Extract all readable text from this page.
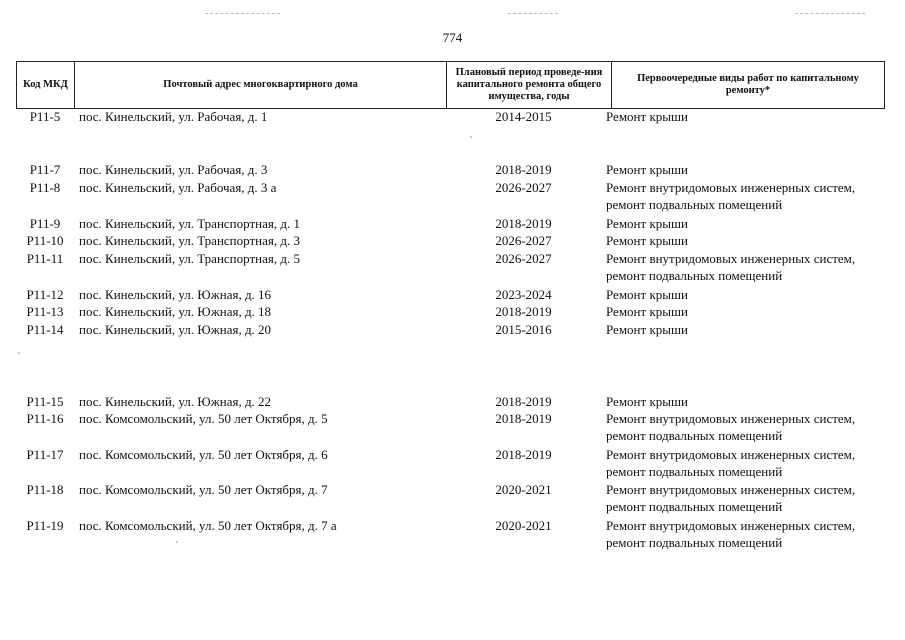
774
Код МКД	Почтовый адрес многоквартирного дома	Плановый период проведе-ния капитального ремонта общего имущества, годы	Первоочередные виды работ по капитальному ремонту*
Р11-5	пос. Кинельский, ул. Рабочая, д. 1	2014-2015	Ремонт крыши
Р11-7	пос. Кинельский, ул. Рабочая, д. 3	2018-2019	Ремонт крыши
Р11-8	пос. Кинельский, ул. Рабочая, д. 3 а	2026-2027	Ремонт внутридомовых инженерных систем,
ремонт подвальных помещений
Р11-9	пос. Кинельский, ул. Транспортная, д. 1	2018-2019	Ремонт крыши
Р11-10	пос. Кинельский, ул. Транспортная, д. 3	2026-2027	Ремонт крыши
Р11-11	пос. Кинельский, ул. Транспортная, д. 5	2026-2027	Ремонт внутридомовых инженерных систем,
ремонт подвальных помещений
Р11-12	пос. Кинельский, ул. Южная, д. 16	2023-2024	Ремонт крыши
Р11-13	пос. Кинельский, ул. Южная, д. 18	2018-2019	Ремонт крыши
Р11-14	пос. Кинельский, ул. Южная, д. 20	2015-2016	Ремонт крыши
Р11-15	пос. Кинельский, ул. Южная, д. 22	2018-2019	Ремонт крыши
Р11-16	пос. Комсомольский, ул. 50 лет Октября, д. 5	2018-2019	Ремонт внутридомовых инженерных систем,
ремонт подвальных помещений
Р11-17	пос. Комсомольский, ул. 50 лет Октября, д. 6	2018-2019	Ремонт внутридомовых инженерных систем,
ремонт подвальных помещений
Р11-18	пос. Комсомольский, ул. 50 лет Октября, д. 7	2020-2021	Ремонт внутридомовых инженерных систем,
ремонт подвальных помещений
Р11-19	пос. Комсомольский, ул. 50 лет Октября, д. 7 а	2020-2021	Ремонт внутридомовых инженерных систем,
ремонт подвальных помещений
